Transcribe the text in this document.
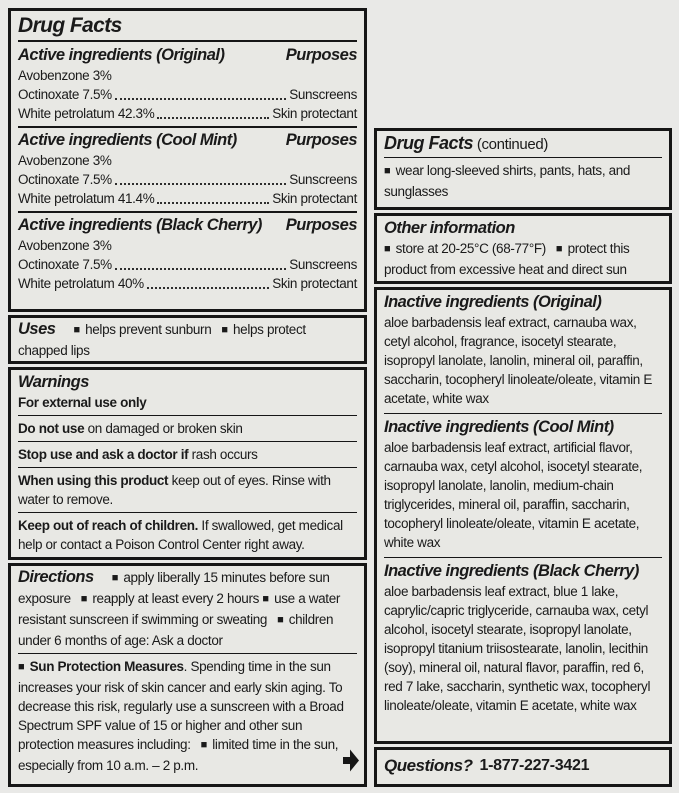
Drug Facts
Active ingredients (Original)	Purposes
Avobenzone 3%
Octinoxate 7.5%	Sunscreens
White petrolatum 42.3%	Skin protectant
Active ingredients (Cool Mint)	Purposes
Avobenzone 3%
Octinoxate 7.5%	Sunscreens
White petrolatum 41.4%	Skin protectant
Active ingredients (Black Cherry) Purposes
Avobenzone 3%
Octinoxate 7.5%	Sunscreens
White petrolatum 40%	Skin protectant

Uses ■ helps prevent sunburn ■ helps protect chapped lips

Warnings

For external use only

Do not use on damaged or broken skin

Stop use and ask a doctor if rash occurs

When using this product keep out of eyes. Rinse with water to remove.

Keep out of reach of children. If swallowed, get medical help or contact a Poison Control Center right away.

Directions ■ apply liberally 15 minutes before sun exposure ■ reapply at least every 2 hours ■ use a water resistant sunscreen if swimming or sweating ■ children under 6 months of age: Ask a doctor

■ Sun Protection Measures. Spending time in the sun increases your risk of skin cancer and early skin aging. To decrease this risk, regularly use a sunscreen with a Broad Spectrum SPF value of 15 or higher and other sun protection measures including: ■ limited time in the sun, especially from 10 a.m. – 2 p.m.

Drug Facts (continued)

■ wear long-sleeved shirts, pants, hats, and sunglasses

Other information

■ store at 20-25°C (68-77°F) ■ protect this product from excessive heat and direct sun

Inactive ingredients (Original)

aloe barbadensis leaf extract, carnauba wax, cetyl alcohol, fragrance, isocetyl stearate, isopropyl lanolate, lanolin, mineral oil, paraffin, saccharin, tocopheryl linoleate/oleate, vitamin E acetate, white wax

Inactive ingredients (Cool Mint)

aloe barbadensis leaf extract, artificial flavor, carnauba wax, cetyl alcohol, isocetyl stearate, isopropyl lanolate, lanolin, medium-chain triglycerides, mineral oil, paraffin, saccharin, tocopheryl linoleate/oleate, vitamin E acetate, white wax

Inactive ingredients (Black Cherry)

aloe barbadensis leaf extract, blue 1 lake, caprylic/capric triglyceride, carnauba wax, cetyl alcohol, isocetyl stearate, isopropyl lanolate, isopropyl titanium triisostearate, lanolin, lecithin (soy), mineral oil, natural flavor, paraffin, red 6, red 7 lake, saccharin, synthetic wax, tocopheryl linoleate/oleate, vitamin E acetate, white wax

Questions? 1-877-227-3421
